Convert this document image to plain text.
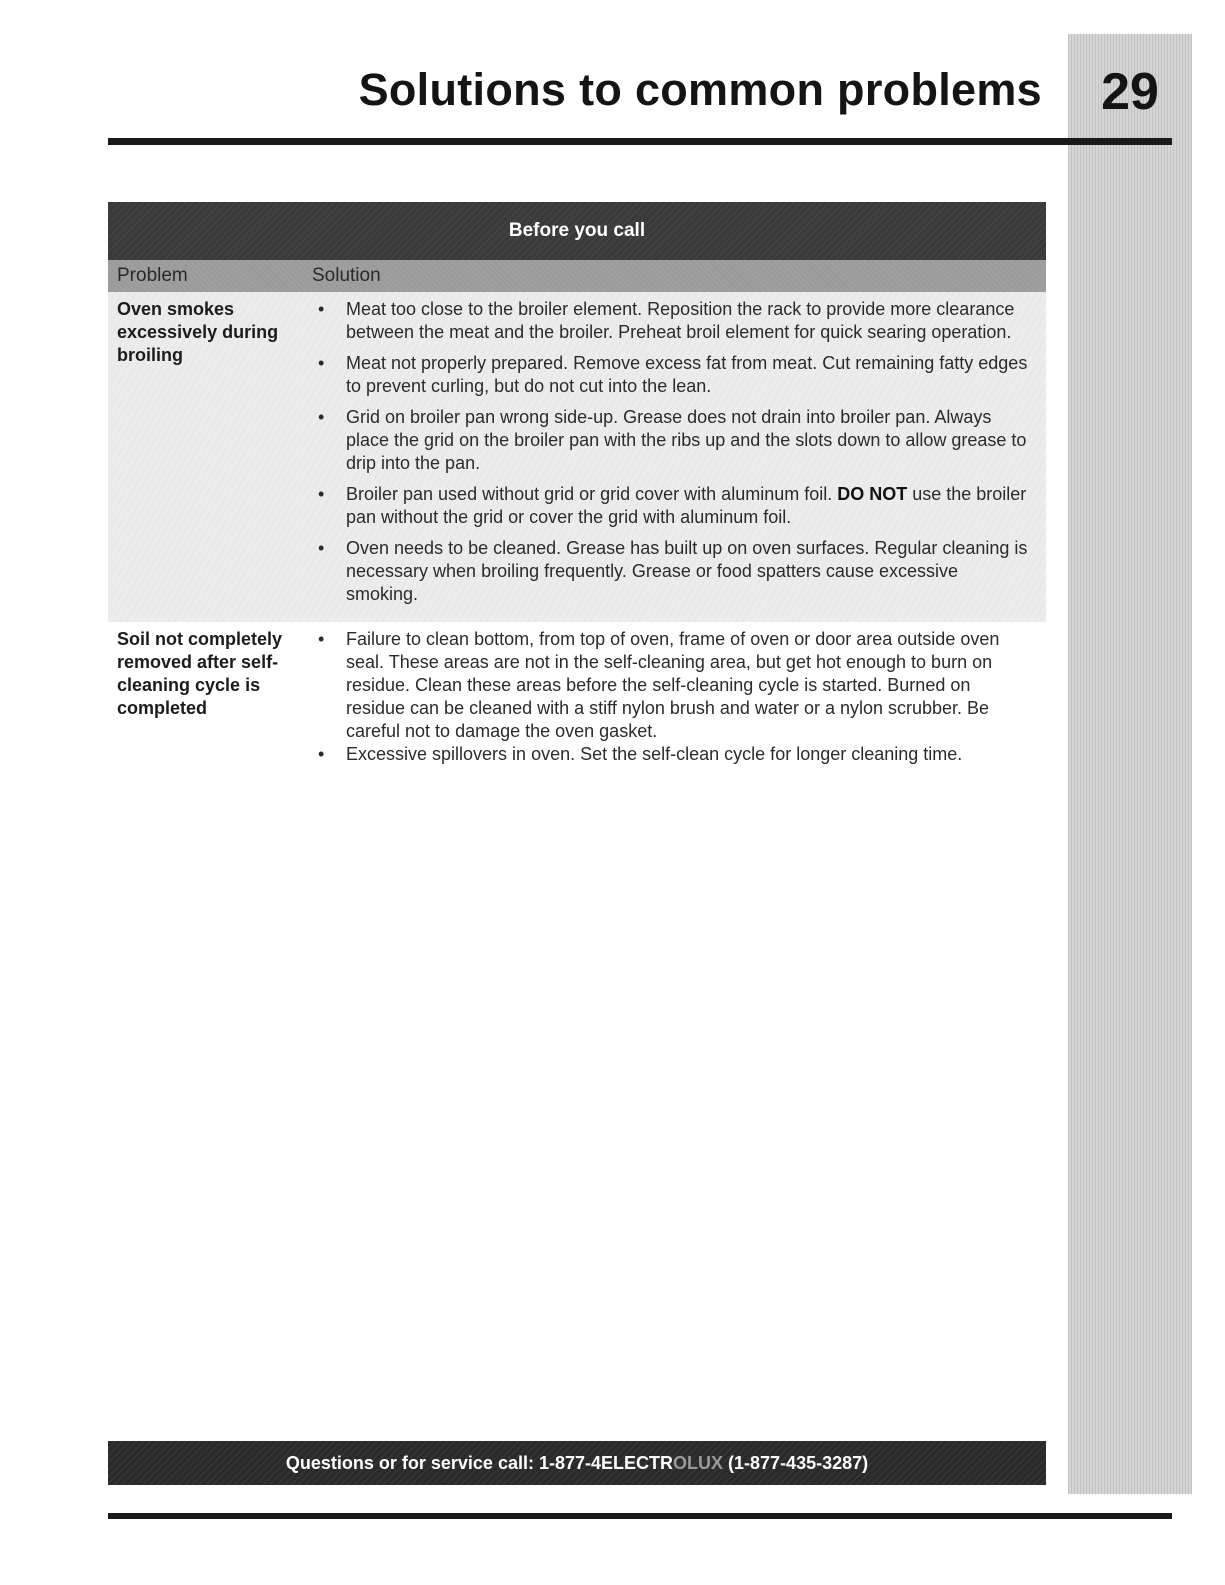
Solutions to common problems	29
Before you call
Problem	Solution
Oven smokes excessively during broiling
•	Meat too close to the broiler element. Reposition the rack to provide more clearance between the meat and the broiler. Preheat broil element for quick searing operation.
•	Meat not properly prepared. Remove excess fat from meat. Cut remaining fatty edges to prevent curling, but do not cut into the lean.
•	Grid on broiler pan wrong side-up. Grease does not drain into broiler pan. Always place the grid on the broiler pan with the ribs up and the slots down to allow grease to drip into the pan.
•	Broiler pan used without grid or grid cover with aluminum foil. DO NOT use the broiler pan without the grid or cover the grid with aluminum foil.
•	Oven needs to be cleaned. Grease has built up on oven surfaces. Regular cleaning is necessary when broiling frequently. Grease or food spatters cause excessive smoking.
Soil not completely removed after self-cleaning cycle is completed
•	Failure to clean bottom, from top of oven, frame of oven or door area outside oven seal. These areas are not in the self-cleaning area, but get hot enough to burn on residue. Clean these areas before the self-cleaning cycle is started. Burned on residue can be cleaned with a stiff nylon brush and water or a nylon scrubber. Be careful not to damage the oven gasket.
•	Excessive spillovers in oven. Set the self-clean cycle for longer cleaning time.
Questions or for service call: 1-877-4ELECTROLUX (1-877-435-3287)
